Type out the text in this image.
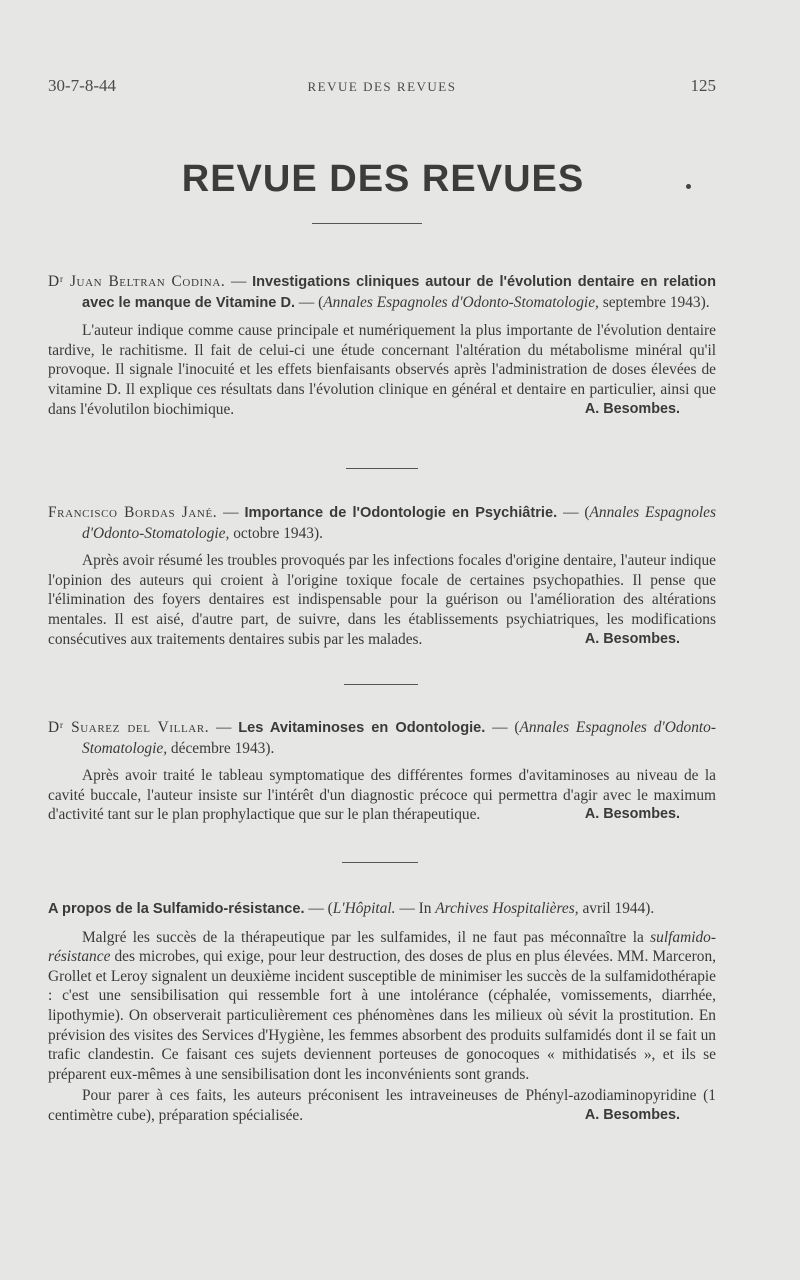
30-7-8-44	REVUE DES REVUES	125
REVUE DES REVUES

Dʳ Juan Beltran Codina. — Investigations cliniques autour de l'évolution dentaire en relation avec le manque de Vitamine D. — (Annales Espagnoles d'Odonto-Stomatologie, septembre 1943).

L'auteur indique comme cause principale et numériquement la plus importante de l'évolution dentaire tardive, le rachitisme. Il fait de celui-ci une étude concernant l'altération du métabolisme minéral qu'il provoque. Il signale l'inocuité et les effets bienfaisants observés après l'administration de doses élevées de vitamine D. Il explique ces résultats dans l'évolution clinique en général et dentaire en particulier, ainsi que dans l'évolutilon biochimique.	A. Besombes.

Francisco Bordas Jané. — Importance de l'Odontologie en Psychiâtrie. — (Annales Espagnoles d'Odonto-Stomatologie, octobre 1943).

Après avoir résumé les troubles provoqués par les infections focales d'origine dentaire, l'auteur indique l'opinion des auteurs qui croient à l'origine toxique focale de certaines psychopathies. Il pense que l'élimination des foyers dentaires est indispensable pour la guérison ou l'amélioration des altérations mentales. Il est aisé, d'autre part, de suivre, dans les établissements psychiatriques, les modifications consécutives aux traitements dentaires subis par les malades.	A. Besombes.

Dʳ Suarez del Villar. — Les Avitaminoses en Odontologie. — (Annales Espagnoles d'Odonto-Stomatologie, décembre 1943).

Après avoir traité le tableau symptomatique des différentes formes d'avitaminoses au niveau de la cavité buccale, l'auteur insiste sur l'intérêt d'un diagnostic précoce qui permettra d'agir avec le maximum d'activité tant sur le plan prophylactique que sur le plan thérapeutique.	A. Besombes.

A propos de la Sulfamido-résistance. — (L'Hôpital. — In Archives Hospitalières, avril 1944).

Malgré les succès de la thérapeutique par les sulfamides, il ne faut pas méconnaître la sulfamido-résistance des microbes, qui exige, pour leur destruction, des doses de plus en plus élevées. MM. Marceron, Grollet et Leroy signalent un deuxième incident susceptible de minimiser les succès de la sulfamidothérapie : c'est une sensibilisation qui ressemble fort à une intolérance (céphalée, vomissements, diarrhée, lipothymie). On observerait particulièrement ces phénomènes dans les milieux où sévit la prostitution. En prévision des visites des Services d'Hygiène, les femmes absorbent des produits sulfamidés dont il se fait un trafic clandestin. Ce faisant ces sujets deviennent porteuses de gonocoques « mithidatisés », et ils se préparent eux-mêmes à une sensibilisation dont les inconvénients sont grands.

Pour parer à ces faits, les auteurs préconisent les intraveineuses de Phényl-azodiaminopyridine (1 centimètre cube), préparation spécialisée.	A. Besombes.
